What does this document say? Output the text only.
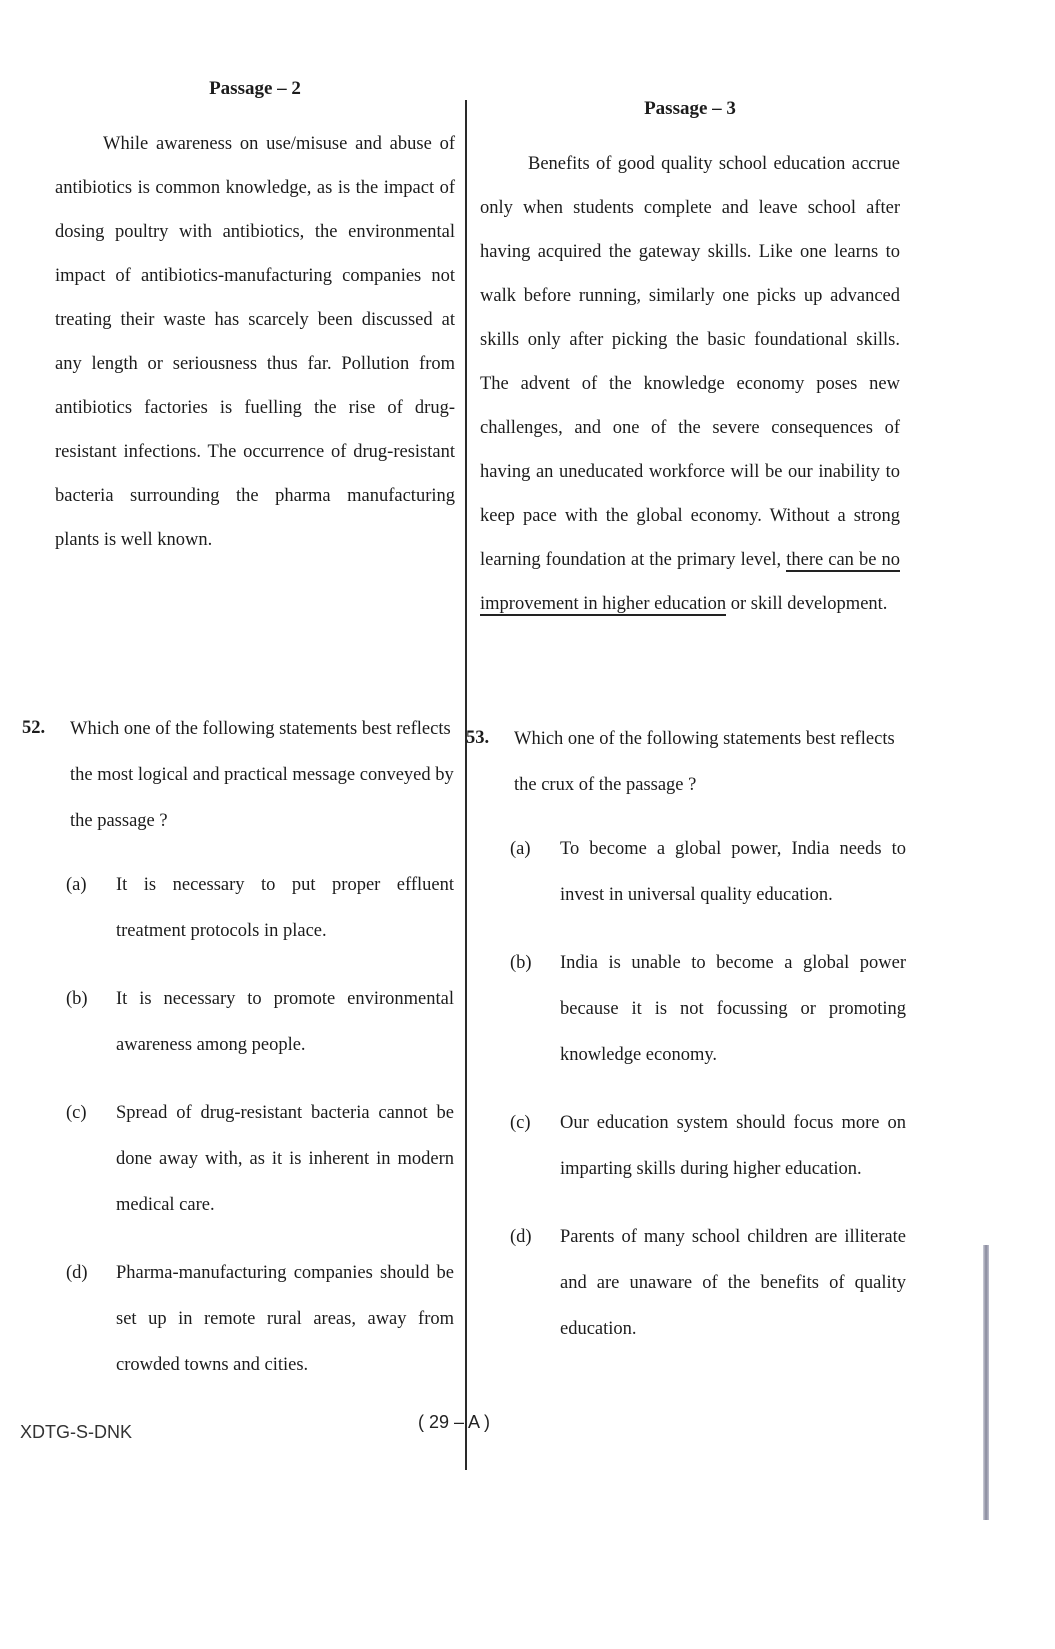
Passage – 2

While awareness on use/misuse and abuse of antibiotics is common knowledge, as is the impact of dosing poultry with antibiotics, the environmental impact of antibiotics-manufacturing companies not treating their waste has scarcely been discussed at any length or seriousness thus far. Pollution from antibiotics factories is fuelling the rise of drug-resistant infections. The occurrence of drug-resistant bacteria surrounding the pharma manufacturing plants is well known.

Passage – 3

Benefits of good quality school education accrue only when students complete and leave school after having acquired the gateway skills. Like one learns to walk before running, similarly one picks up advanced skills only after picking the basic foundational skills. The advent of the knowledge economy poses new challenges, and one of the severe consequences of having an uneducated workforce will be our inability to keep pace with the global economy. Without a strong learning foundation at the primary level, there can be no improvement in higher education or skill development.

52.	Which one of the following statements best reflects the most logical and practical message conveyed by the passage ?
(a)	It is necessary to put proper effluent treatment protocols in place.
(b)	It is necessary to promote environmental awareness among people.
(c)	Spread of drug-resistant bacteria cannot be done away with, as it is inherent in modern medical care.
(d)	Pharma-manufacturing companies should be set up in remote rural areas, away from crowded towns and cities.
53.	Which one of the following statements best reflects the crux of the passage ?
(a)	To become a global power, India needs to invest in universal quality education.
(b)	India is unable to become a global power because it is not focussing or promoting knowledge economy.
(c)	Our education system should focus more on imparting skills during higher education.
(d)	Parents of many school children are illiterate and are unaware of the benefits of quality education.
XDTG-S-DNK	( 29 – A )
